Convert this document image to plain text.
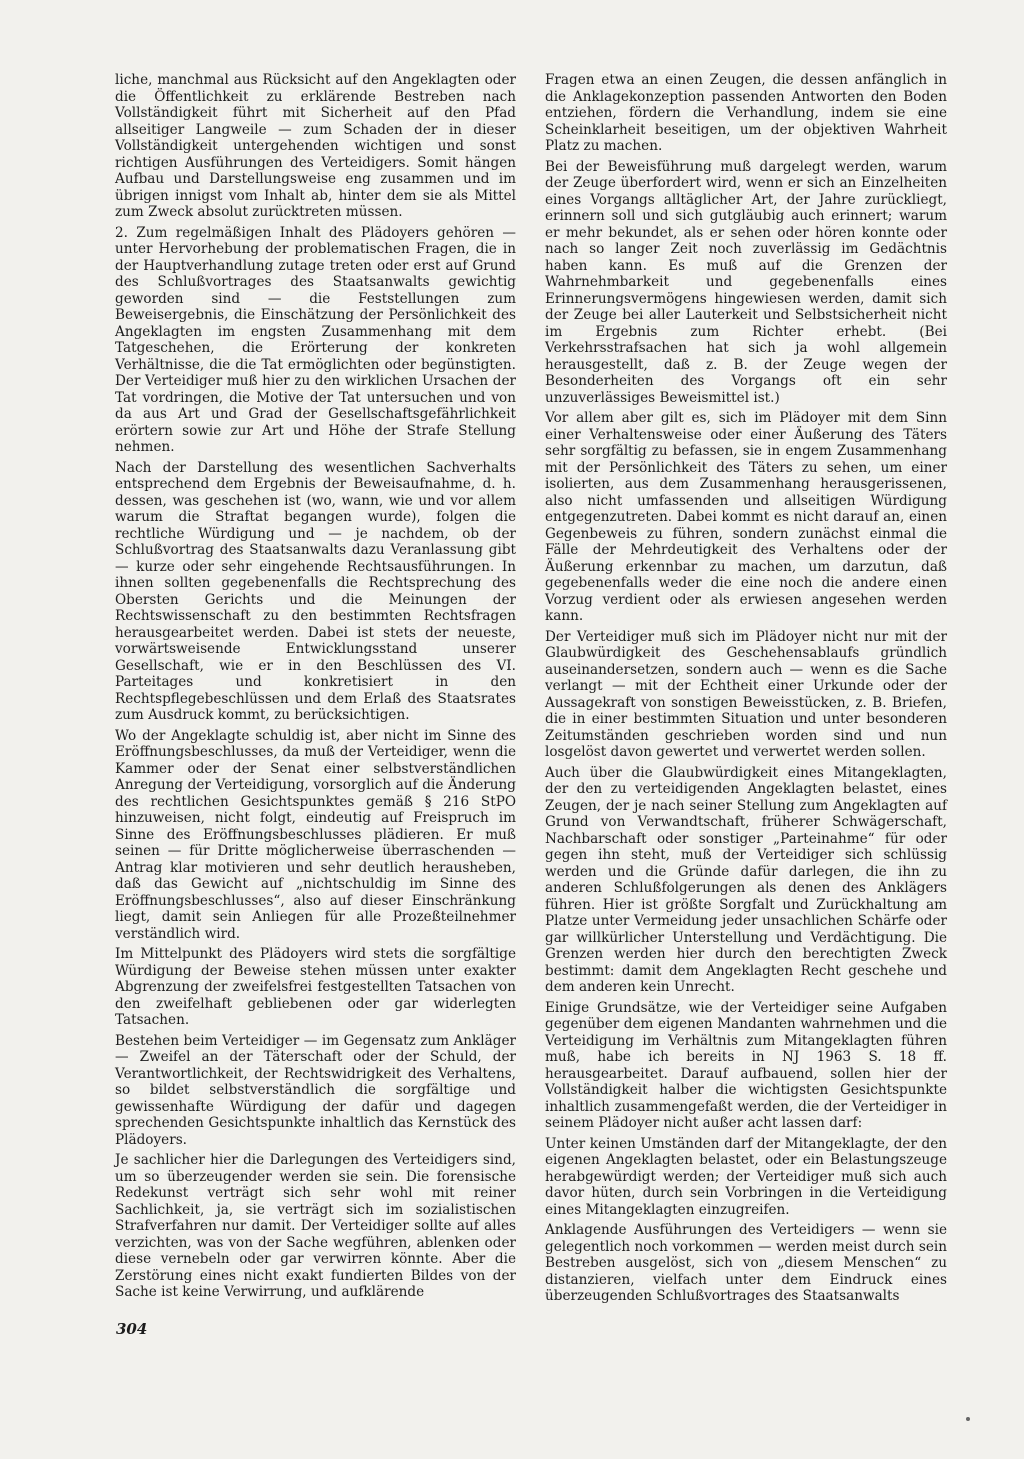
liche, manchmal aus Rücksicht auf den Angeklagten oder die Öffentlichkeit zu erklärende Bestreben nach Vollständigkeit führt mit Sicherheit auf den Pfad allseitiger Langweile — zum Schaden der in dieser Vollständigkeit untergehenden wichtigen und sonst richtigen Ausführungen des Verteidigers. Somit hängen Aufbau und Darstellungsweise eng zusammen und im übrigen innigst vom Inhalt ab, hinter dem sie als Mittel zum Zweck absolut zurücktreten müssen.

2. Zum regelmäßigen Inhalt des Plädoyers gehören — unter Hervorhebung der problematischen Fragen, die in der Hauptverhandlung zutage treten oder erst auf Grund des Schlußvortrages des Staatsanwalts gewichtig geworden sind — die Feststellungen zum Beweisergebnis, die Einschätzung der Persönlichkeit des Angeklagten im engsten Zusammenhang mit dem Tatgeschehen, die Erörterung der konkreten Verhältnisse, die die Tat ermöglichten oder begünstigten. Der Verteidiger muß hier zu den wirklichen Ursachen der Tat vordringen, die Motive der Tat untersuchen und von da aus Art und Grad der Gesellschaftsgefährlichkeit erörtern sowie zur Art und Höhe der Strafe Stellung nehmen.

Nach der Darstellung des wesentlichen Sachverhalts entsprechend dem Ergebnis der Beweisaufnahme, d. h. dessen, was geschehen ist (wo, wann, wie und vor allem warum die Straftat begangen wurde), folgen die rechtliche Würdigung und — je nachdem, ob der Schlußvortrag des Staatsanwalts dazu Veranlassung gibt — kurze oder sehr eingehende Rechtsausführungen. In ihnen sollten gegebenenfalls die Rechtsprechung des Obersten Gerichts und die Meinungen der Rechtswissenschaft zu den bestimmten Rechtsfragen herausgearbeitet werden. Dabei ist stets der neueste, vorwärtsweisende Entwicklungsstand unserer Gesellschaft, wie er in den Beschlüssen des VI. Parteitages und konkretisiert in den Rechtspflegebeschlüssen und dem Erlaß des Staatsrates zum Ausdruck kommt, zu berücksichtigen.

Wo der Angeklagte schuldig ist, aber nicht im Sinne des Eröffnungsbeschlusses, da muß der Verteidiger, wenn die Kammer oder der Senat einer selbstverständlichen Anregung der Verteidigung, vorsorglich auf die Änderung des rechtlichen Gesichtspunktes gemäß § 216 StPO hinzuweisen, nicht folgt, eindeutig auf Freispruch im Sinne des Eröffnungsbeschlusses plädieren. Er muß seinen — für Dritte möglicherweise überraschenden — Antrag klar motivieren und sehr deutlich herausheben, daß das Gewicht auf „nichtschuldig im Sinne des Eröffnungsbeschlusses“, also auf dieser Einschränkung liegt, damit sein Anliegen für alle Prozeßteilnehmer verständlich wird.

Im Mittelpunkt des Plädoyers wird stets die sorgfältige Würdigung der Beweise stehen müssen unter exakter Abgrenzung der zweifelsfrei festgestellten Tatsachen von den zweifelhaft gebliebenen oder gar widerlegten Tatsachen.

Bestehen beim Verteidiger — im Gegensatz zum Ankläger — Zweifel an der Täterschaft oder der Schuld, der Verantwortlichkeit, der Rechtswidrigkeit des Verhaltens, so bildet selbstverständlich die sorgfältige und gewissenhafte Würdigung der dafür und dagegen sprechenden Gesichtspunkte inhaltlich das Kernstück des Plädoyers.

Je sachlicher hier die Darlegungen des Verteidigers sind, um so überzeugender werden sie sein. Die forensische Redekunst verträgt sich sehr wohl mit reiner Sachlichkeit, ja, sie verträgt sich im sozialistischen Strafverfahren nur damit. Der Verteidiger sollte auf alles verzichten, was von der Sache wegführen, ablenken oder diese vernebeln oder gar verwirren könnte. Aber die Zerstörung eines nicht exakt fundierten Bildes von der Sache ist keine Verwirrung, und aufklärende

Fragen etwa an einen Zeugen, die dessen anfänglich in die Anklagekonzeption passenden Antworten den Boden entziehen, fördern die Verhandlung, indem sie eine Scheinklarheit beseitigen, um der objektiven Wahrheit Platz zu machen.

Bei der Beweisführung muß dargelegt werden, warum der Zeuge überfordert wird, wenn er sich an Einzelheiten eines Vorgangs alltäglicher Art, der Jahre zurückliegt, erinnern soll und sich gutgläubig auch erinnert; warum er mehr bekundet, als er sehen oder hören konnte oder nach so langer Zeit noch zuverlässig im Gedächtnis haben kann. Es muß auf die Grenzen der Wahrnehmbarkeit und gegebenenfalls eines Erinnerungsvermögens hingewiesen werden, damit sich der Zeuge bei aller Lauterkeit und Selbstsicherheit nicht im Ergebnis zum Richter erhebt. (Bei Verkehrsstrafsachen hat sich ja wohl allgemein herausgestellt, daß z. B. der Zeuge wegen der Besonderheiten des Vorgangs oft ein sehr unzuverlässiges Beweismittel ist.)

Vor allem aber gilt es, sich im Plädoyer mit dem Sinn einer Verhaltensweise oder einer Äußerung des Täters sehr sorgfältig zu befassen, sie in engem Zusammenhang mit der Persönlichkeit des Täters zu sehen, um einer isolierten, aus dem Zusammenhang herausgerissenen, also nicht umfassenden und allseitigen Würdigung entgegenzutreten. Dabei kommt es nicht darauf an, einen Gegenbeweis zu führen, sondern zunächst einmal die Fälle der Mehrdeutigkeit des Verhaltens oder der Äußerung erkennbar zu machen, um darzutun, daß gegebenenfalls weder die eine noch die andere einen Vorzug verdient oder als erwiesen angesehen werden kann.

Der Verteidiger muß sich im Plädoyer nicht nur mit der Glaubwürdigkeit des Geschehensablaufs gründlich auseinandersetzen, sondern auch — wenn es die Sache verlangt — mit der Echtheit einer Urkunde oder der Aussagekraft von sonstigen Beweisstücken, z. B. Briefen, die in einer bestimmten Situation und unter besonderen Zeitumständen geschrieben worden sind und nun losgelöst davon gewertet und verwertet werden sollen.

Auch über die Glaubwürdigkeit eines Mitangeklagten, der den zu verteidigenden Angeklagten belastet, eines Zeugen, der je nach seiner Stellung zum Angeklagten auf Grund von Verwandtschaft, früherer Schwägerschaft, Nachbarschaft oder sonstiger „Parteinahme“ für oder gegen ihn steht, muß der Verteidiger sich schlüssig werden und die Gründe dafür darlegen, die ihn zu anderen Schlußfolgerungen als denen des Anklägers führen. Hier ist größte Sorgfalt und Zurückhaltung am Platze unter Vermeidung jeder unsachlichen Schärfe oder gar willkürlicher Unterstellung und Verdächtigung. Die Grenzen werden hier durch den berechtigten Zweck bestimmt: damit dem Angeklagten Recht geschehe und dem anderen kein Unrecht.

Einige Grundsätze, wie der Verteidiger seine Aufgaben gegenüber dem eigenen Mandanten wahrnehmen und die Verteidigung im Verhältnis zum Mitangeklagten führen muß, habe ich bereits in NJ 1963 S. 18 ff. herausgearbeitet. Darauf aufbauend, sollen hier der Vollständigkeit halber die wichtigsten Gesichtspunkte inhaltlich zusammengefaßt werden, die der Verteidiger in seinem Plädoyer nicht außer acht lassen darf:

Unter keinen Umständen darf der Mitangeklagte, der den eigenen Angeklagten belastet, oder ein Belastungszeuge herabgewürdigt werden; der Verteidiger muß sich auch davor hüten, durch sein Vorbringen in die Verteidigung eines Mitangeklagten einzugreifen.

Anklagende Ausführungen des Verteidigers — wenn sie gelegentlich noch vorkommen — werden meist durch sein Bestreben ausgelöst, sich von „diesem Menschen“ zu distanzieren, vielfach unter dem Eindruck eines überzeugenden Schlußvortrages des Staatsanwalts

304
